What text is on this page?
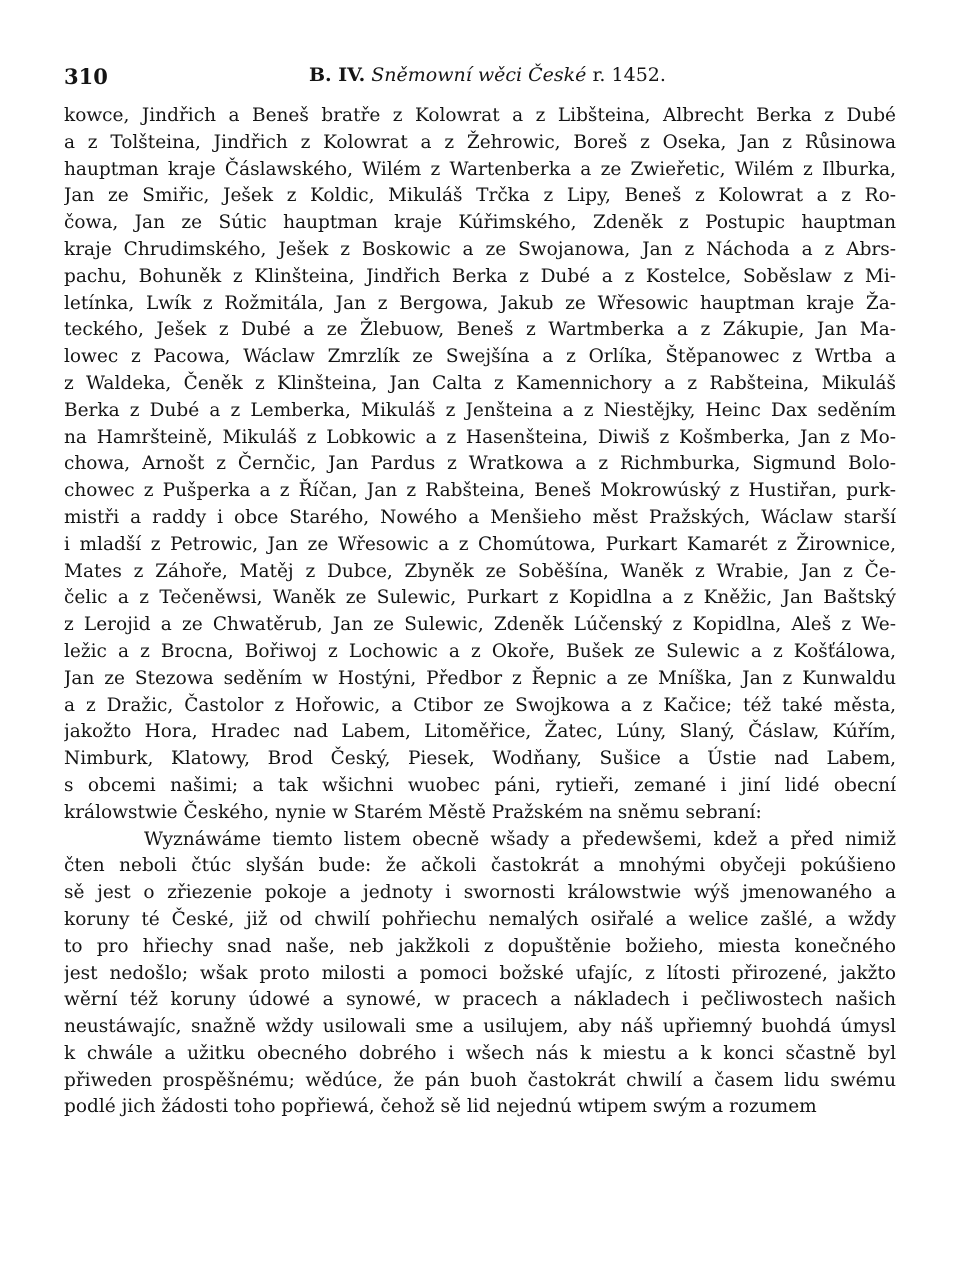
310	B. IV. Sněmowní wěci České r. 1452.
kowce, Jindřich a Beneš bratře z Kolowrat a z Libšteina, Albrecht Berka z Dubé
a z Tolšteina, Jindřich z Kolowrat a z Žehrowic, Boreš z Oseka, Jan z Růsinowa
hauptman kraje Čáslawského, Wilém z Wartenberka a ze Zwieřetic, Wilém z Ilburka,
Jan ze Smiřic, Ješek z Koldic, Mikuláš Trčka z Lipy, Beneš z Kolowrat a z Ro-
čowa, Jan ze Sútic hauptman kraje Kúřimského, Zdeněk z Postupic hauptman
kraje Chrudimského, Ješek z Boskowic a ze Swojanowa, Jan z Náchoda a z Abrs-
pachu, Bohuněk z Klinšteina, Jindřich Berka z Dubé a z Kostelce, Soběslaw z Mi-
letínka, Lwík z Rožmitála, Jan z Bergowa, Jakub ze Wřesowic hauptman kraje Ža-
teckého, Ješek z Dubé a ze Žlebuow, Beneš z Wartmberka a z Zákupie, Jan Ma-
lowec z Pacowa, Wáclaw Zmrzlík ze Swejšína a z Orlíka, Štěpanowec z Wrtba a
z Waldeka, Čeněk z Klinšteina, Jan Calta z Kamennichory a z Rabšteina, Mikuláš
Berka z Dubé a z Lemberka, Mikuláš z Jenšteina a z Niestějky, Heinc Dax seděním
na Hamršteině, Mikuláš z Lobkowic a z Hasenšteina, Diwiš z Košmberka, Jan z Mo-
chowa, Arnošt z Černčic, Jan Pardus z Wratkowa a z Richmburka, Sigmund Bolo-
chowec z Pušperka a z Říčan, Jan z Rabšteina, Beneš Mokrowúský z Hustiřan, purk-
mistři a raddy i obce Starého, Nowého a Menšieho měst Pražských, Wáclaw starší
i mladší z Petrowic, Jan ze Wřesowic a z Chomútowa, Purkart Kamarét z Žirownice,
Mates z Záhoře, Matěj z Dubce, Zbyněk ze Soběšína, Waněk z Wrabie, Jan z Če-
čelic a z Tečeněwsi, Waněk ze Sulewic, Purkart z Kopidlna a z Kněžic, Jan Baštský
z Lerojid a ze Chwatěrub, Jan ze Sulewic, Zdeněk Lúčenský z Kopidlna, Aleš z We-
ležic a z Brocna, Bořiwoj z Lochowic a z Okoře, Bušek ze Sulewic a z Košťálowa,
Jan ze Stezowa seděním w Hostýni, Předbor z Řepnic a ze Mníška, Jan z Kunwaldu
a z Dražic, Častolor z Hořowic, a Ctibor ze Swojkowa a z Kačice; též také města,
jakožto Hora, Hradec nad Labem, Litoměřice, Žatec, Lúny, Slaný, Čáslaw, Kúřím,
Nimburk, Klatowy, Brod Český, Piesek, Wodňany, Sušice a Ústie nad Labem,
s obcemi našimi; a tak wšichni wuobec páni, rytieři, zemané i jiní lidé obecní
králowstwie Českého, nynie w Starém Městě Pražském na sněmu sebraní:
Wyznáwáme tiemto listem obecně wšady a předewšemi, kdež a před nimiž
čten neboli čtúc slyšán bude: že ačkoli častokrát a mnohými obyčeji pokúšieno
sě jest o zřiezenie pokoje a jednoty i swornosti králowstwie wýš jmenowaného a
koruny té České, již od chwilí pohřiechu nemalých osiřalé a welice zašlé, a wždy
to pro hřiechy snad naše, neb jakžkoli z dopuštěnie božieho, miesta konečného
jest nedošlo; wšak proto milosti a pomoci božské ufajíc, z lítosti přirozené, jakžto
wěrní též koruny údowé a synowé, w pracech a nákladech i pečliwostech našich
neustáwajíc, snažně wždy usilowali sme a usilujem, aby náš upřiemný buohdá úmysl
k chwále a užitku obecného dobrého i wšech nás k miestu a k konci sčastně byl
přiweden prospěšnému; wědúce, že pán buoh častokrát chwilí a časem lidu swému
podlé jich žádosti toho popřiewá, čehož sě lid nejednú wtipem swým a rozumem
